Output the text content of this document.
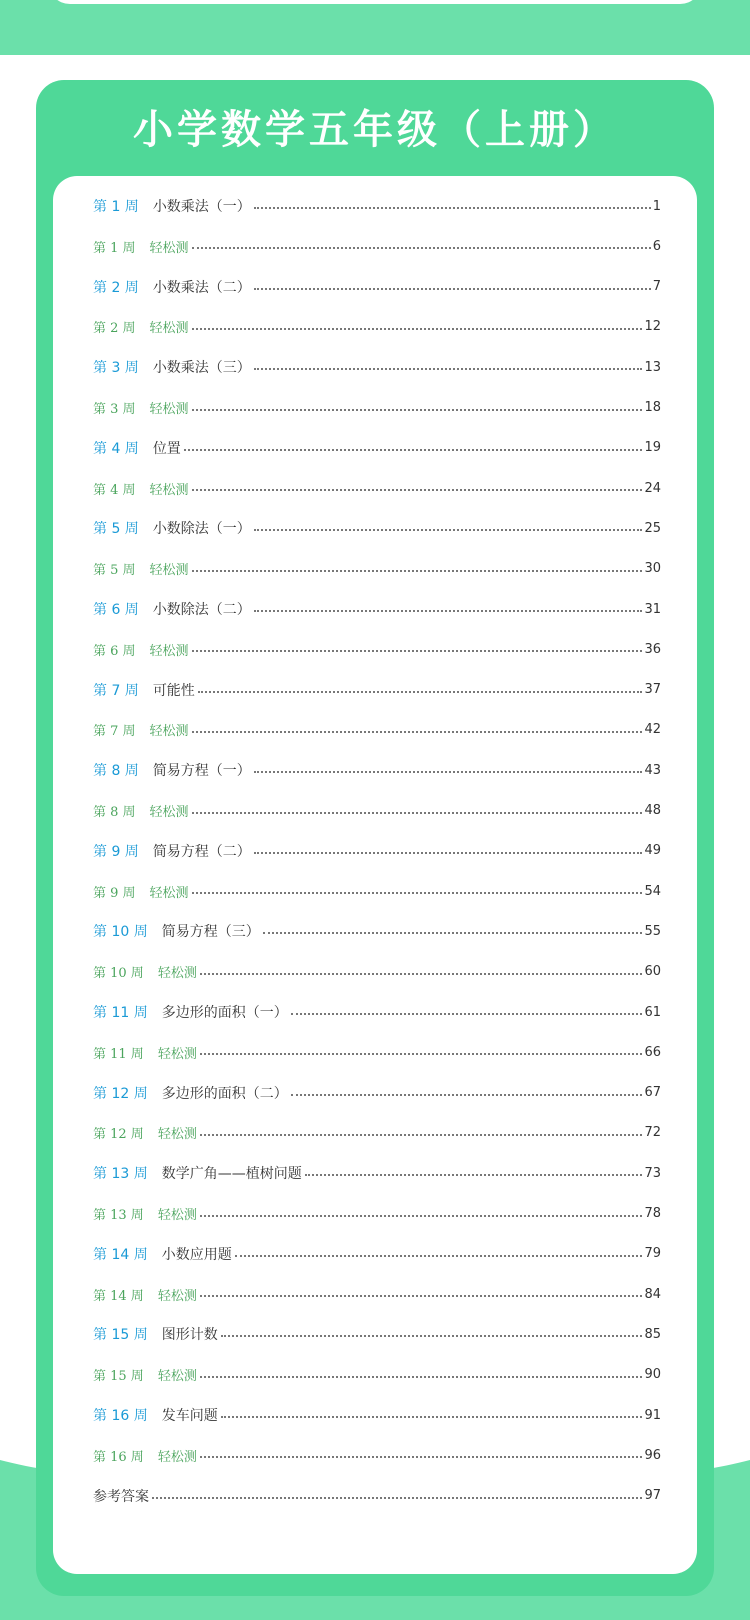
小学数学五年级（上册）
第 1 周 小数乘法（一）	1
第 1 周 轻松测	6
第 2 周 小数乘法（二）	7
第 2 周 轻松测	12
第 3 周 小数乘法（三）	13
第 3 周 轻松测	18
第 4 周 位置	19
第 4 周 轻松测	24
第 5 周 小数除法（一）	25
第 5 周 轻松测	30
第 6 周 小数除法（二）	31
第 6 周 轻松测	36
第 7 周 可能性	37
第 7 周 轻松测	42
第 8 周 简易方程（一）	43
第 8 周 轻松测	48
第 9 周 简易方程（二）	49
第 9 周 轻松测	54
第 10 周 简易方程（三）	55
第 10 周 轻松测	60
第 11 周 多边形的面积（一）	61
第 11 周 轻松测	66
第 12 周 多边形的面积（二）	67
第 12 周 轻松测	72
第 13 周 数学广角——植树问题	73
第 13 周 轻松测	78
第 14 周 小数应用题	79
第 14 周 轻松测	84
第 15 周 图形计数	85
第 15 周 轻松测	90
第 16 周 发车问题	91
第 16 周 轻松测	96
参考答案	97
